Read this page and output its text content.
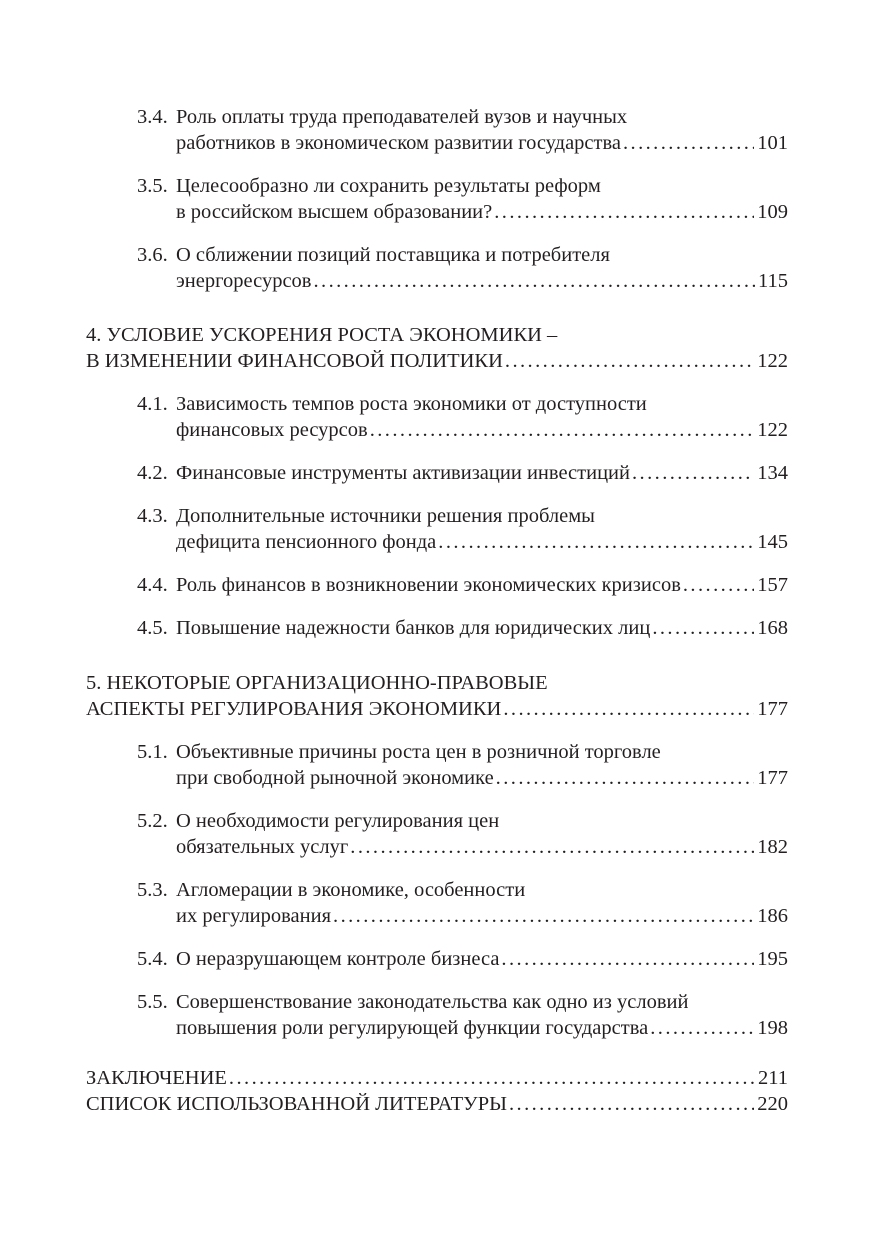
3.4. Роль оплаты труда преподавателей вузов и научных
работников в экономическом развитии государства . . .	101
3.5. Целесообразно ли сохранить результаты реформ
в российском высшем образовании? . . .	109
3.6. О сближении позиций поставщика и потребителя
энергоресурсов . . .	115
4. УСЛОВИЕ УСКОРЕНИЯ РОСТА ЭКОНОМИКИ –
В ИЗМЕНЕНИИ ФИНАНСОВОЙ ПОЛИТИКИ . . .	122
4.1. Зависимость темпов роста экономики от доступности
финансовых ресурсов . . .	122
4.2. Финансовые инструменты активизации инвестиций . . .	134
4.3. Дополнительные источники решения проблемы
дефицита пенсионного фонда . . .	145
4.4. Роль финансов в возникновении экономических кризисов . . .	157
4.5. Повышение надежности банков для юридических лиц . . .	168
5. НЕКОТОРЫЕ ОРГАНИЗАЦИОННО-ПРАВОВЫЕ
АСПЕКТЫ РЕГУЛИРОВАНИЯ ЭКОНОМИКИ . . .	177
5.1. Объективные причины роста цен в розничной торговле
при свободной рыночной экономике . . .	177
5.2. О необходимости регулирования цен
обязательных услуг . . .	182
5.3. Агломерации в экономике, особенности
их регулирования . . .	186
5.4. О неразрушающем контроле бизнеса . . .	195
5.5. Совершенствование законодательства как одно из условий
повышения роли регулирующей функции государства . . .	198
ЗАКЛЮЧЕНИЕ . . .	211
СПИСОК ИСПОЛЬЗОВАННОЙ ЛИТЕРАТУРЫ . . .	220
